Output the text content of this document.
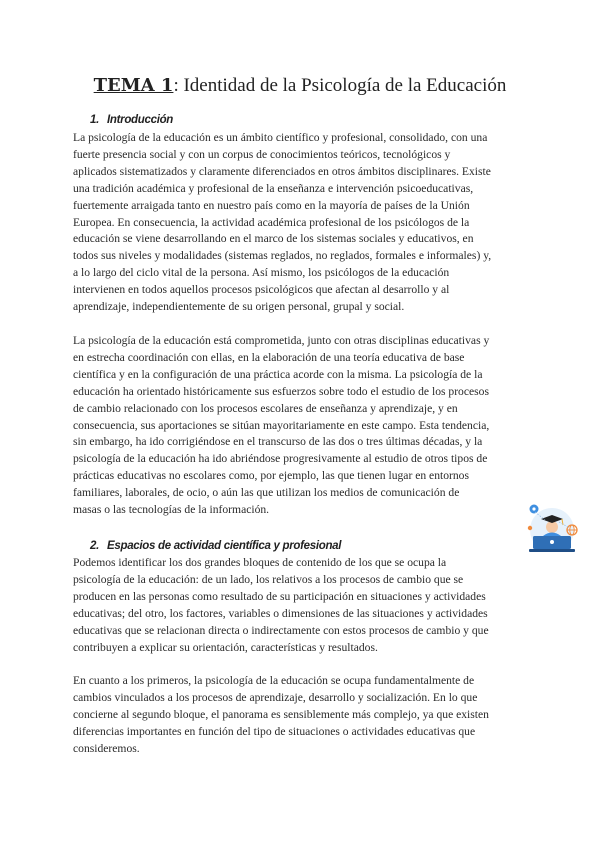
TEMA 1: Identidad de la Psicología de la Educación
1. Introducción
La psicología de la educación es un ámbito científico y profesional, consolidado, con una
fuerte presencia social y con un corpus de conocimientos teóricos, tecnológicos y
aplicados sistematizados y claramente diferenciados en otros ámbitos disciplinares. Existe
una tradición académica y profesional de la enseñanza e intervención psicoeducativas,
fuertemente arraigada tanto en nuestro país como en la mayoría de países de la Unión
Europea. En consecuencia, la actividad académica profesional de los psicólogos de la
educación se viene desarrollando en el marco de los sistemas sociales y educativos, en
todos sus niveles y modalidades (sistemas reglados, no reglados, formales e informales) y,
a lo largo del ciclo vital de la persona. Así mismo, los psicólogos de la educación
intervienen en todos aquellos procesos psicológicos que afectan al desarrollo y al
aprendizaje, independientemente de su origen personal, grupal y social.
La psicología de la educación está comprometida, junto con otras disciplinas educativas y
en estrecha coordinación con ellas, en la elaboración de una teoría educativa de base
científica y en la configuración de una práctica acorde con la misma. La psicología de la
educación ha orientado históricamente sus esfuerzos sobre todo el estudio de los procesos
de cambio relacionado con los procesos escolares de enseñanza y aprendizaje, y en
consecuencia, sus aportaciones se sitúan mayoritariamente en este campo. Esta tendencia,
sin embargo, ha ido corrigiéndose en el transcurso de las dos o tres últimas décadas, y la
psicología de la educación ha ido abriéndose progresivamente al estudio de otros tipos de
prácticas educativas no escolares como, por ejemplo, las que tienen lugar en entornos
familiares, laborales, de ocio, o aún las que utilizan los medios de comunicación de
masas o las tecnologías de la información.
2. Espacios de actividad científica y profesional
Podemos identificar los dos grandes bloques de contenido de los que se ocupa la
psicología de la educación: de un lado, los relativos a los procesos de cambio que se
producen en las personas como resultado de su participación en situaciones y actividades
educativas; del otro, los factores, variables o dimensiones de las situaciones y actividades
educativas que se relacionan directa o indirectamente con estos procesos de cambio y que
contribuyen a explicar su orientación, características y resultados.
En cuanto a los primeros, la psicología de la educación se ocupa fundamentalmente de
cambios vinculados a los procesos de aprendizaje, desarrollo y socialización. En lo que
concierne al segundo bloque, el panorama es sensiblemente más complejo, ya que existen
diferencias importantes en función del tipo de situaciones o actividades educativas que
consideremos.
